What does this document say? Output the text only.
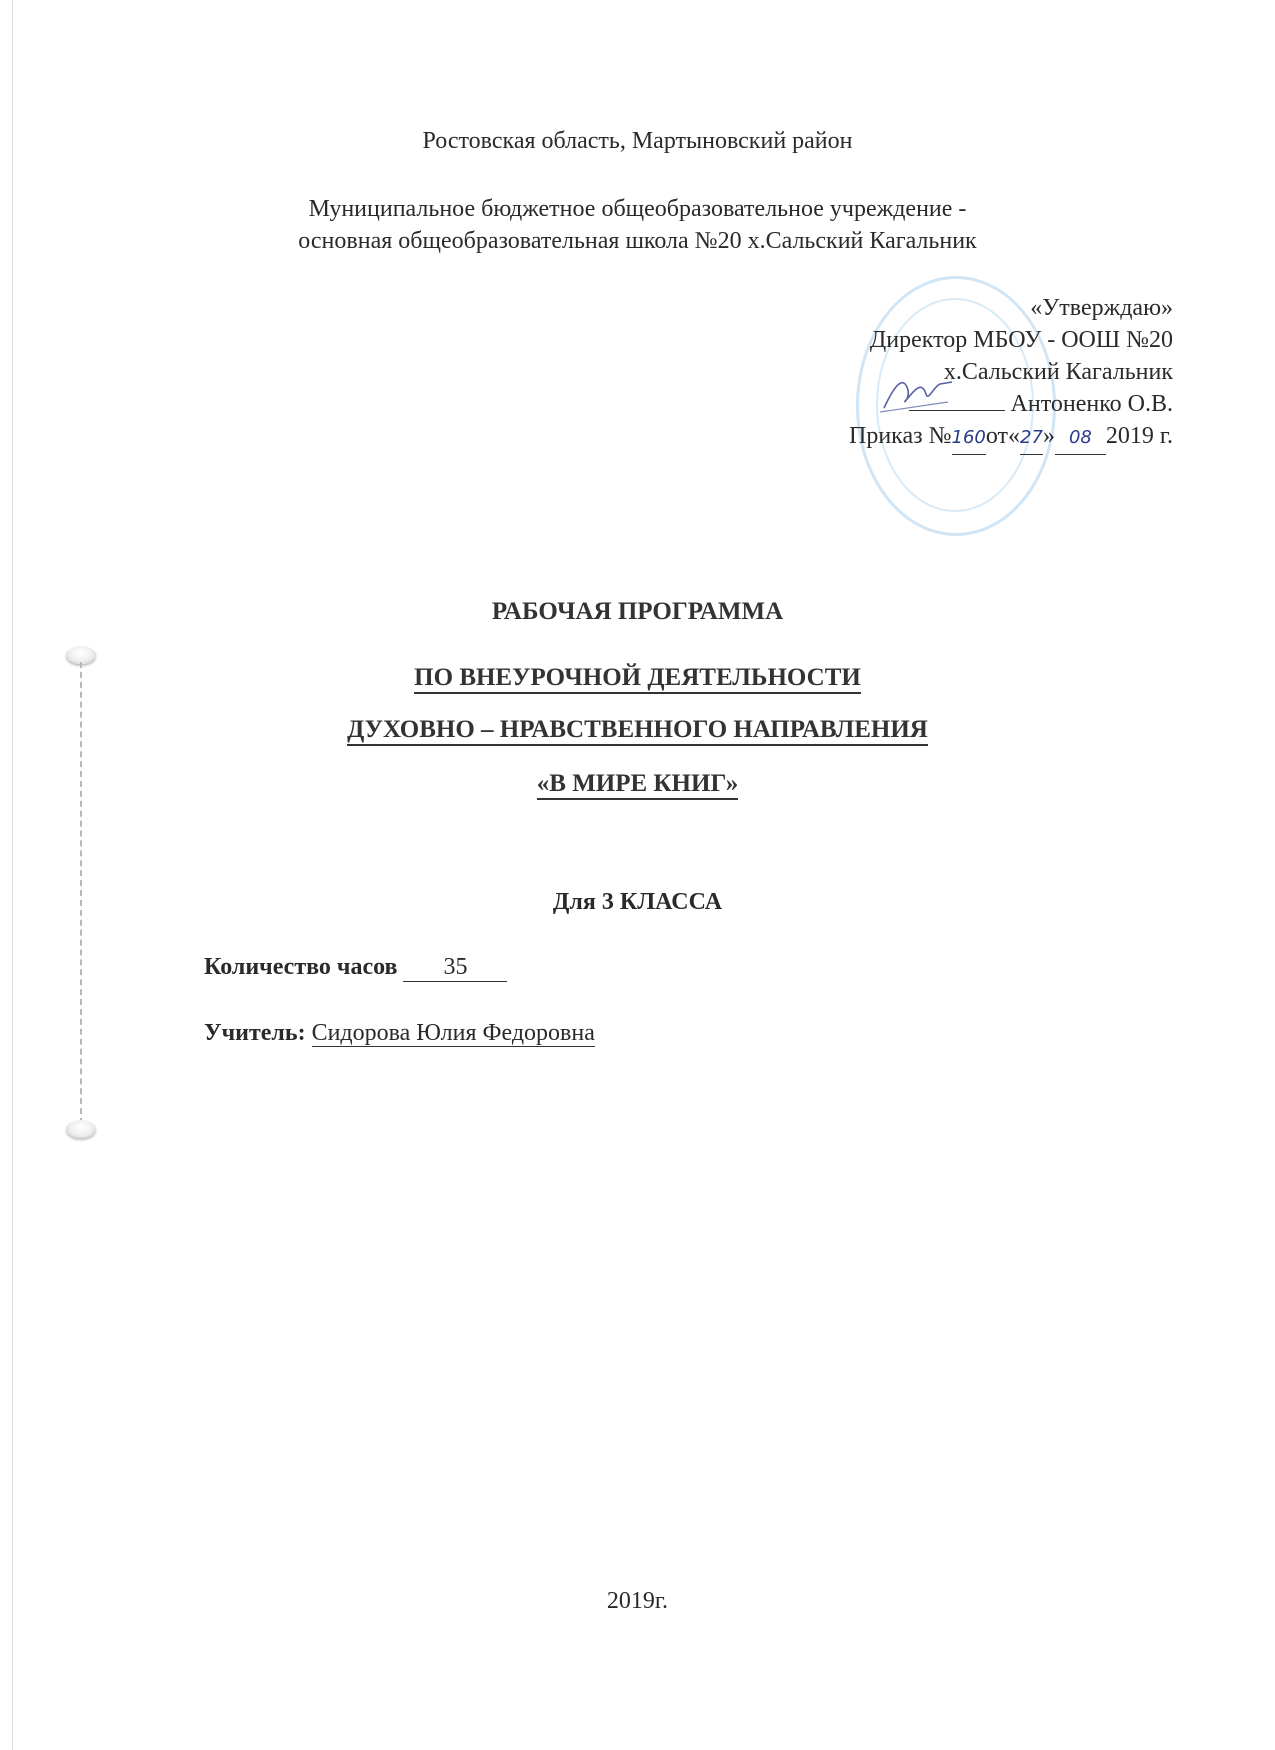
Ростовская область, Мартыновский район
Муниципальное бюджетное общеобразовательное учреждение -
основная общеобразовательная школа №20 х.Сальский Кагальник
«Утверждаю»
Директор МБОУ - ООШ №20
х.Сальский Кагальник
Антоненко О.В.
Приказ №160от«27» 08 2019 г.
РАБОЧАЯ ПРОГРАММА
ПО ВНЕУРОЧНОЙ ДЕЯТЕЛЬНОСТИ
ДУХОВНО – НРАВСТВЕННОГО НАПРАВЛЕНИЯ
«В МИРЕ КНИГ»
Для 3 КЛАССА
Количество часов 35
Учитель: Сидорова Юлия Федоровна
2019г.
